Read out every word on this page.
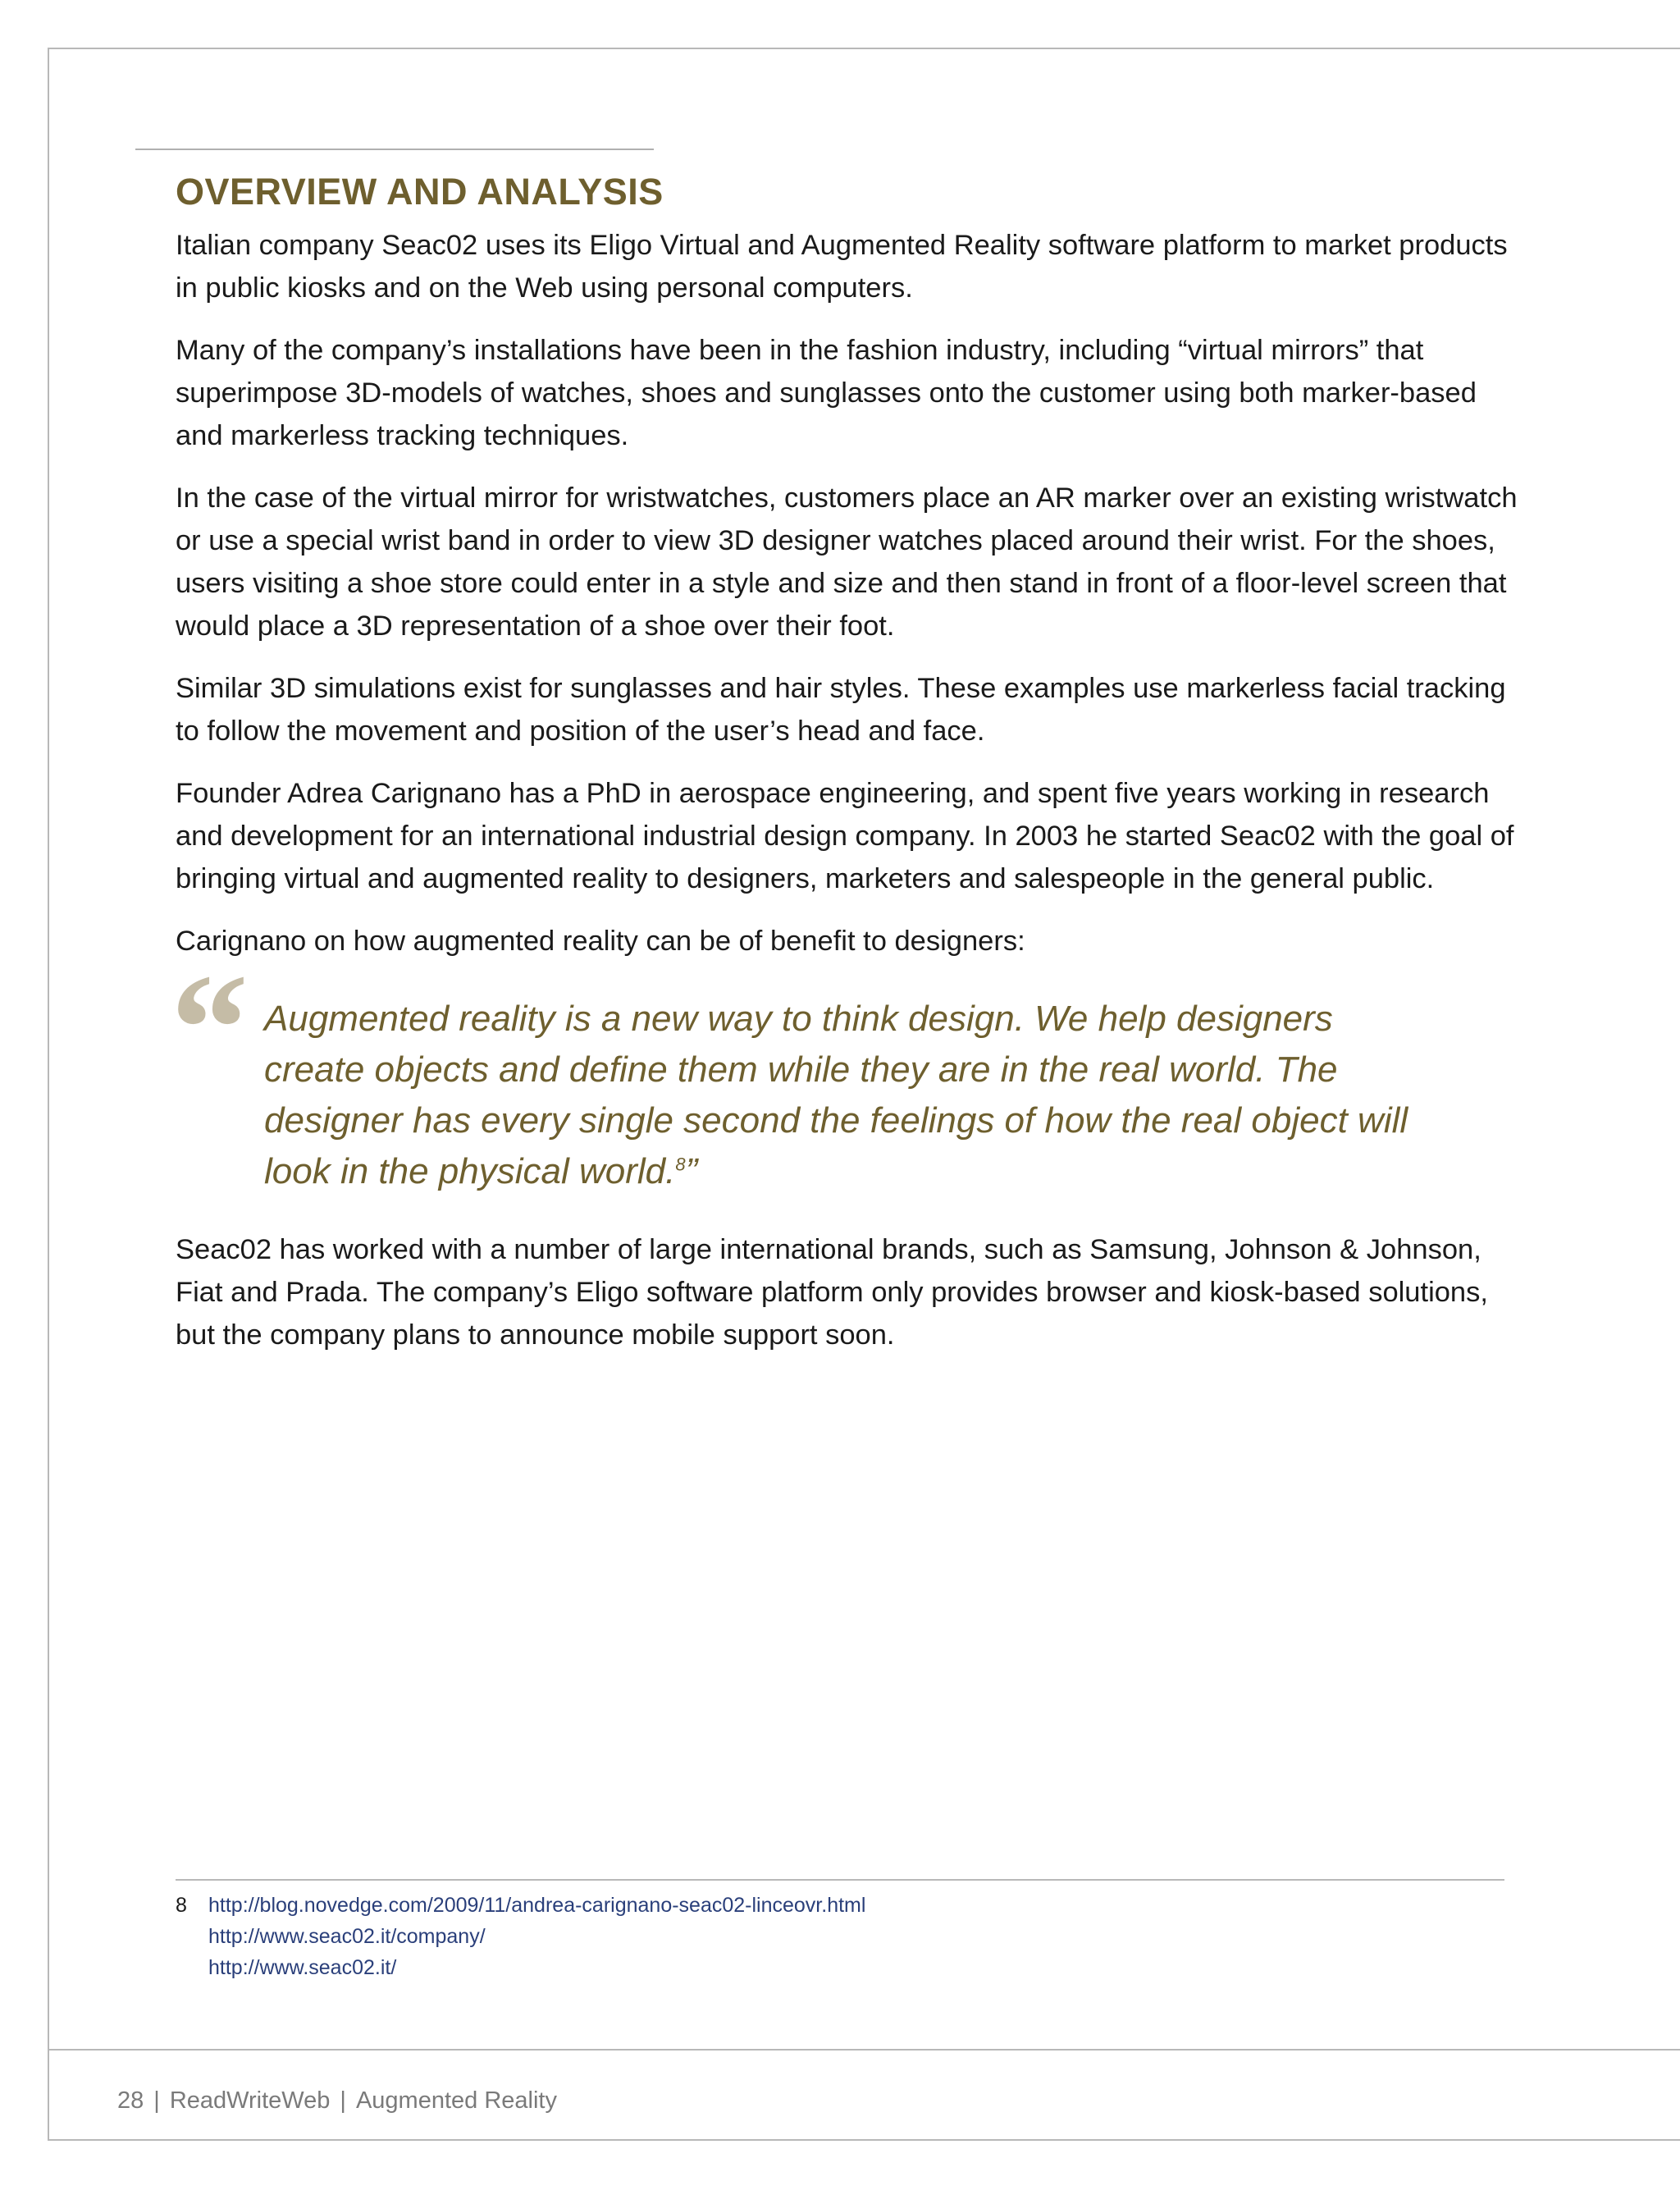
OVERVIEW AND ANALYSIS

Italian company Seac02 uses its Eligo Virtual and Augmented Reality software platform to market products in public kiosks and on the Web using personal computers.

Many of the company’s installations have been in the fashion industry, including “virtual mirrors” that superimpose 3D-models of watches, shoes and sunglasses onto the customer using both marker-based and markerless tracking techniques.

In the case of the virtual mirror for wristwatches, customers place an AR marker over an existing wristwatch or use a special wrist band in order to view 3D designer watches placed around their wrist. For the shoes, users visiting a shoe store could enter in a style and size and then stand in front of a floor-level screen that would place a 3D representation of a shoe over their foot.

Similar 3D simulations exist for sunglasses and hair styles. These examples use markerless facial tracking to follow the movement and position of the user’s head and face.

Founder Adrea Carignano has a PhD in aerospace engineering, and spent five years working in research and development for an international industrial design company. In 2003 he started Seac02 with the goal of bringing virtual and augmented reality to designers, marketers and salespeople in the general public.

Carignano on how augmented reality can be of benefit to designers:

“ Augmented reality is a new way to think design. We help designers create objects and define them while they are in the real world. The designer has every single second the feelings of how the real object will look in the physical world.$^8$”

Seac02 has worked with a number of large international brands, such as Samsung, Johnson & Johnson, Fiat and Prada. The company’s Eligo software platform only provides browser and kiosk-based solutions, but the company plans to announce mobile support soon.

8	http://blog.novedge.com/2009/11/andrea-carignano-seac02-linceovr.html
http://www.seac02.it/company/
http://www.seac02.it/
28 | ReadWriteWeb | Augmented Reality
